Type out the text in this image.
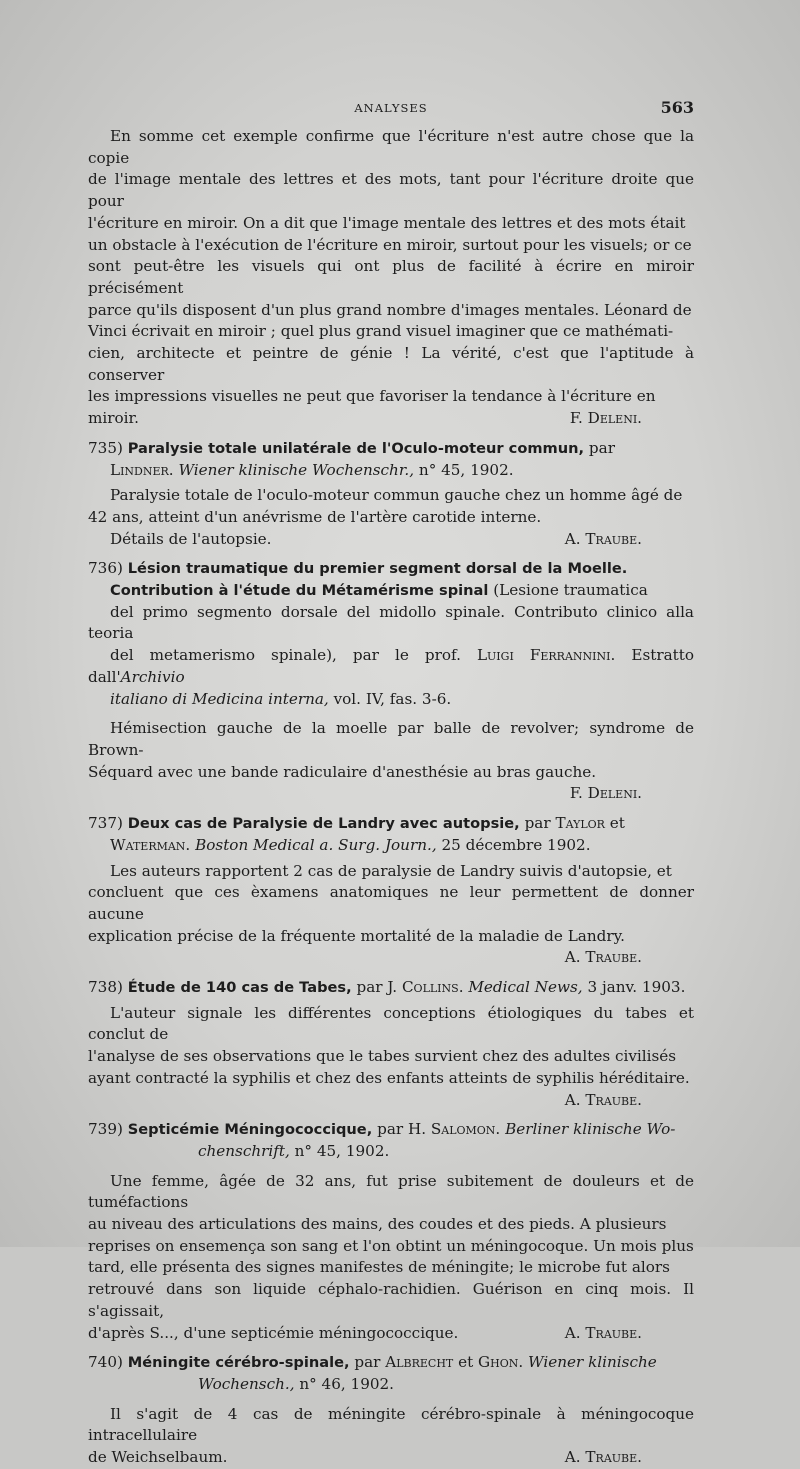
ANALYSES	563

En somme cet exemple confirme que l'écriture n'est autre chose que la copie

de l'image mentale des lettres et des mots, tant pour l'écriture droite que pour

l'écriture en miroir. On a dit que l'image mentale des lettres et des mots était

un obstacle à l'exécution de l'écriture en miroir, surtout pour les visuels; or ce

sont peut-être les visuels qui ont plus de facilité à écrire en miroir précisément

parce qu'ils disposent d'un plus grand nombre d'images mentales. Léonard de

Vinci écrivait en miroir ; quel plus grand visuel imaginer que ce mathémati-

cien, architecte et peintre de génie ! La vérité, c'est que l'aptitude à conserver

les impressions visuelles ne peut que favoriser la tendance à l'écriture en

miroir.	F. Deleni.

735) Paralysie totale unilatérale de l'Oculo-moteur commun, par

Lindner. Wiener klinische Wochenschr., n° 45, 1902.

Paralysie totale de l'oculo-moteur commun gauche chez un homme âgé de

42 ans, atteint d'un anévrisme de l'artère carotide interne.

Détails de l'autopsie.	A. Traube.

736) Lésion traumatique du premier segment dorsal de la Moelle.

Contribution à l'étude du Métamérisme spinal (Lesione traumatica

del primo segmento dorsale del midollo spinale. Contributo clinico alla teoria

del metamerismo spinale), par le prof. Luigi Ferrannini. Estratto dall'Archivio

italiano di Medicina interna, vol. IV, fas. 3-6.

Hémisection gauche de la moelle par balle de revolver; syndrome de Brown-

Séquard avec une bande radiculaire d'anesthésie au bras gauche.

F. Deleni.

737) Deux cas de Paralysie de Landry avec autopsie, par Taylor et

Waterman. Boston Medical a. Surg. Journ., 25 décembre 1902.

Les auteurs rapportent 2 cas de paralysie de Landry suivis d'autopsie, et

concluent que ces èxamens anatomiques ne leur permettent de donner aucune

explication précise de la fréquente mortalité de la maladie de Landry.

A. Traube.

738) Étude de 140 cas de Tabes, par J. Collins. Medical News, 3 janv. 1903.

L'auteur signale les différentes conceptions étiologiques du tabes et conclut de

l'analyse de ses observations que le tabes survient chez des adultes civilisés

ayant contracté la syphilis et chez des enfants atteints de syphilis héréditaire.

A. Traube.

739) Septicémie Méningococcique, par H. Salomon. Berliner klinische Wo-

chenschrift, n° 45, 1902.

Une femme, âgée de 32 ans, fut prise subitement de douleurs et de tuméfactions

au niveau des articulations des mains, des coudes et des pieds. A plusieurs

reprises on ensemença son sang et l'on obtint un méningocoque. Un mois plus

tard, elle présenta des signes manifestes de méningite; le microbe fut alors

retrouvé dans son liquide céphalo-rachidien. Guérison en cinq mois. Il s'agissait,

d'après S..., d'une septicémie méningococcique.	A. Traube.

740) Méningite cérébro-spinale, par Albrecht et Ghon. Wiener klinische

Wochensch., n° 46, 1902.

Il s'agit de 4 cas de méningite cérébro-spinale à méningocoque intracellulaire

de Weichselbaum.	A. Traube.
